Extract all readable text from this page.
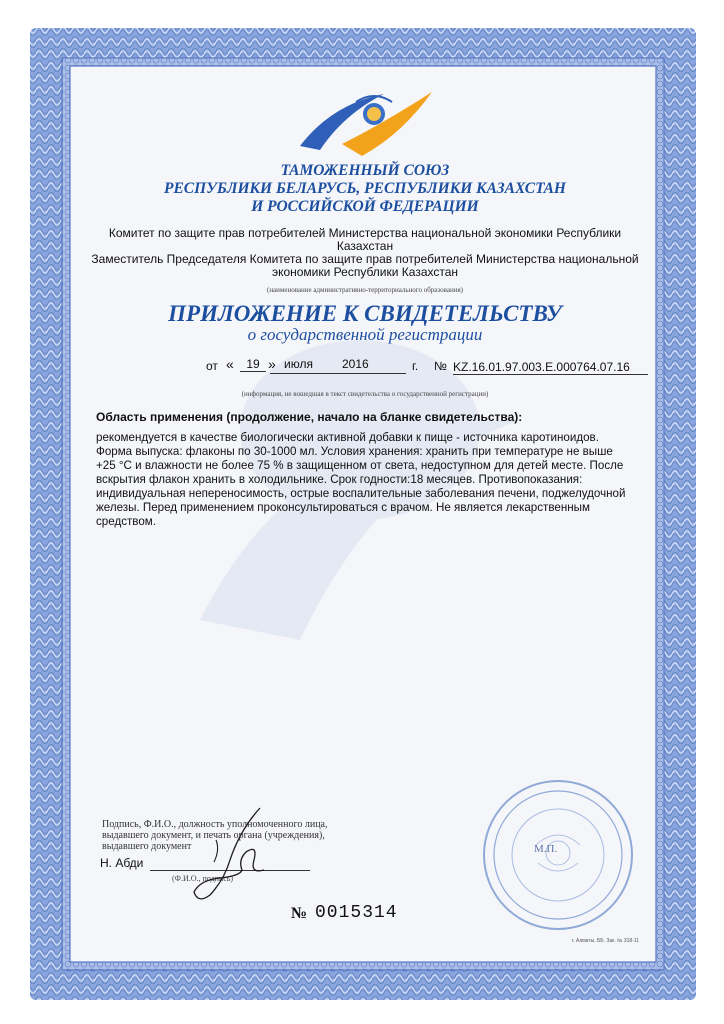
ТАМОЖЕННЫЙ СОЮЗ
РЕСПУБЛИКИ БЕЛАРУСЬ, РЕСПУБЛИКИ КАЗАХСТАН
И РОССИЙСКОЙ ФЕДЕРАЦИИ
Комитет по защите прав потребителей Министерства национальной экономики Республики
Казахстан
Заместитель Председателя Комитета по защите прав потребителей Министерства национальной
экономики Республики Казахстан
(наименование административно-территориального образования)
ПРИЛОЖЕНИЕ К СВИДЕТЕЛЬСТВУ
о государственной регистрации
от «	19 » июля	2016	г. № KZ.16.01.97.003.E.000764.07.16
(информация, не вошедшая в текст свидетельства о государственной регистрации)
Область применения (продолжение, начало на бланке свидетельства):
рекомендуется в качестве биологически активной добавки к пище - источника каротиноидов.
Форма выпуска: флаконы по 30-1000 мл. Условия хранения: хранить при температуре не выше
+25 °С и влажности не более 75 % в защищенном от света, недоступном для детей месте. После
вскрытия флакон хранить в холодильнике. Срок годности:18 месяцев. Противопоказания:
индивидуальная непереносимость, острые воспалительные заболевания печени, поджелудочной
железы. Перед применением проконсультироваться с врачом. Не является лекарственным
средством.
Подпись, Ф.И.О., должность уполномоченного лица,
выдавшего документ, и печать органа (учреждения),
выдавшего документ
Н. Абди
(Ф.И.О., подпись)
М.П.
№ 0015314
г. Алматы, ББ. Зак. № 318-11
